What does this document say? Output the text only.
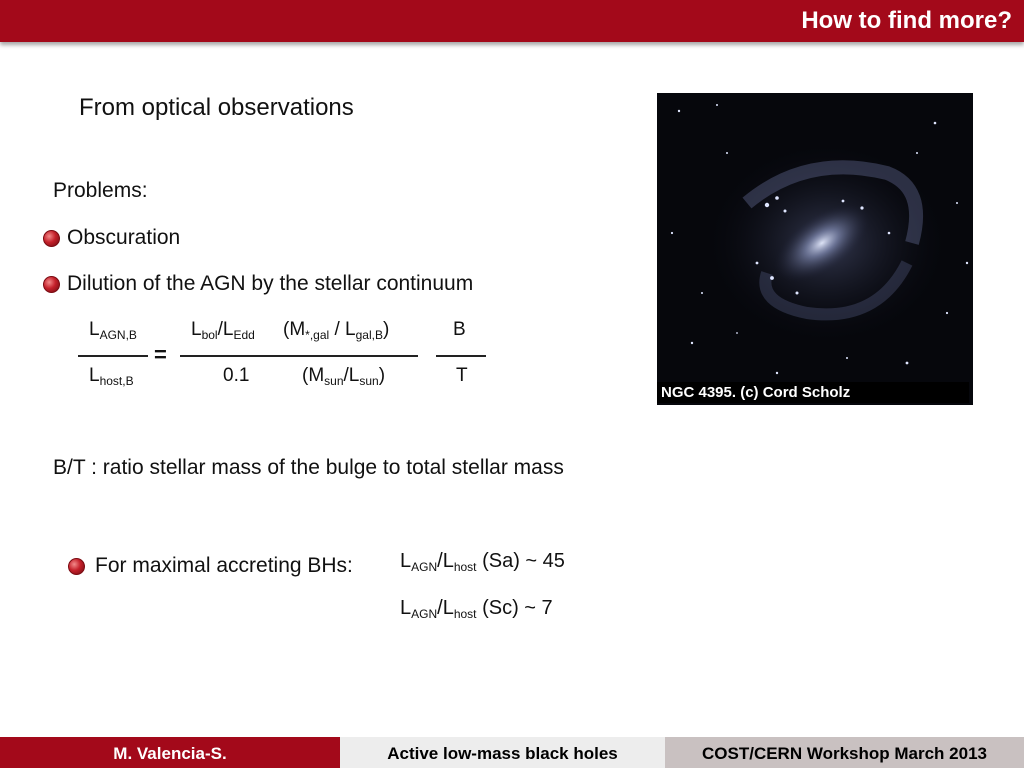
How to find more?
From optical observations
Problems:
Obscuration
Dilution of the AGN by the stellar continuum
$L_{AGN,B}$
$L_{host,B}$
=
$L_{bol}/L_{Edd}$ $(M_{*,gal} / L_{gal,B})$
0.1	$(M_{sun}/L_{sun})$
B
T
NGC 4395. (c) Cord Scholz
B/T : ratio stellar mass of the bulge to total stellar mass
For maximal accreting BHs: $L_{AGN}/L_{host}$ (Sa) ~ 45
$L_{AGN}/L_{host}$ (Sc) ~ 7
M. Valencia-S.	Active low-mass black holes	COST/CERN Workshop March 2013
